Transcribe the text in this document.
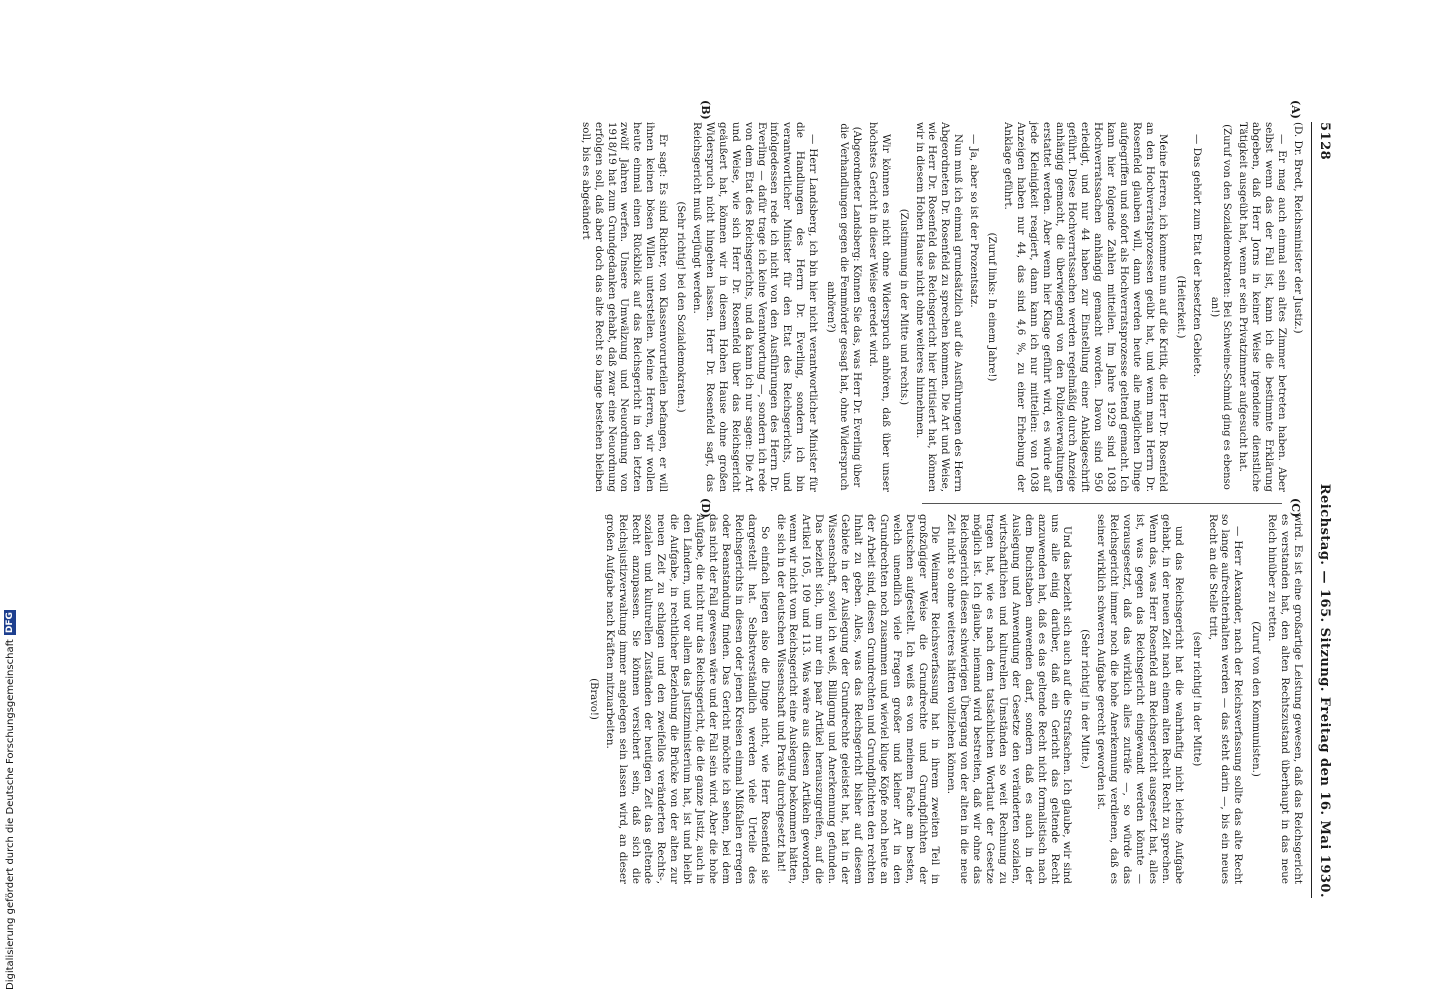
Digitalisierung gefördert durch die Deutsche Forschungsgemeinschaft
DFG
5128
Reichstag. — 165. Sitzung. Freitag den 16. Mai 1930.
(A)
(B)
(C)
(D)

(D. Dr. Bredt, Reichsminister der Justiz.)

— Er mag auch einmal sein altes Zimmer betreten haben. Aber selbst wenn das der Fall ist, kann ich die bestimmte Erklärung abgeben, daß Herr Jorns in keiner Weise irgendeine dienstliche Tätigkeit ausgeübt hat, wenn er sein Privatzimmer aufgesucht hat.

(Zuruf von den Sozialdemokraten: Bei Schweine-Schmid ging es ebenso an!)

— Das gehört zum Etat der besetzten Gebiete.

(Heiterkeit.)

Meine Herren, ich komme nun auf die Kritik, die Herr Dr. Rosenfeld an den Hochverratsprozessen geübt hat, und wenn man Herrn Dr. Rosenfeld glauben will, dann werden heute alle möglichen Dinge aufgegriffen und sofort als Hochverratsprozesse geltend gemacht. Ich kann hier folgende Zahlen mitteilen. Im Jahre 1929 sind 1038 Hochverratssachen anhängig gemacht worden. Davon sind 950 erledigt, und nur 44 haben zur Einstellung einer Anklageschrift geführt. Diese Hochverratssachen werden regelmäßig durch Anzeige anhängig gemacht, die überwiegend von den Polizeiverwaltungen erstattet werden. Aber wenn hier Klage geführt wird, es würde auf jede Kleinigkeit reagiert, dann kann ich nur mitteilen: von 1038 Anzeigen haben nur 44, das sind 4,6 %, zu einer Erhebung der Anklage geführt.

(Zuruf links: In einem Jahre!)

— Ja, aber so ist der Prozentsatz.

Nun muß ich einmal grundsätzlich auf die Ausführungen des Herrn Abgeordneten Dr. Rosenfeld zu sprechen kommen. Die Art und Weise, wie Herr Dr. Rosenfeld das Reichsgericht hier kritisiert hat, können wir in diesem Hohen Hause nicht ohne weiteres hinnehmen.

(Zustimmung in der Mitte und rechts.)

Wir können es nicht ohne Widerspruch anhören, daß über unser höchstes Gericht in dieser Weise geredet wird.

(Abgeordneter Landsberg: Können Sie das, was Herr Dr. Everling über die Verhandlungen gegen die Femmörder gesagt hat, ohne Widerspruch anhören?)

— Herr Landsberg, ich bin hier nicht verantwortlicher Minister für die Handlungen des Herrn Dr. Everling, sondern ich bin verantwortlicher Minister für den Etat des Reichsgerichts, und infolgedessen rede ich nicht von den Ausführungen des Herrn Dr. Everling — dafür trage ich keine Verantwortung —, sondern ich rede von dem Etat des Reichsgerichts, und da kann ich nur sagen: Die Art und Weise, wie sich Herr Dr. Rosenfeld über das Reichsgericht geäußert hat, können wir in diesem Hohen Hause ohne großen Widerspruch nicht hingehen lassen. Herr Dr. Rosenfeld sagt, das Reichsgericht muß verjüngt werden.

(Sehr richtig! bei den Sozialdemokraten.)

Er sagt: Es sind Richter, von Klassenvorurteilen befangen, er will ihnen keinen bösen Willen unterstellen. Meine Herren, wir wollen heute einmal einen Rückblick auf das Reichsgericht in den letzten zwölf Jahren werfen. Unsere Umwälzung und Neuordnung von 1918/19 hat zum Grundgedanken gehabt, daß zwar eine Neuordnung erfolgen soll, daß aber doch das alte Recht so lange bestehen bleiben soll, bis es abgeändert

wird. Es ist eine großartige Leistung gewesen, daß das Reichsgericht es verstanden hat, den alten Rechtszustand überhaupt in das neue Reich hinüber zu retten.

(Zuruf von den Kommunisten.)

— Herr Alexander, nach der Reichsverfassung sollte das alte Recht so lange aufrechterhalten werden — das steht darin —, bis ein neues Recht an die Stelle tritt,

(sehr richtig! in der Mitte)

und das Reichsgericht hat die wahrhaftig nicht leichte Aufgabe gehabt, in der neuen Zeit nach einem alten Recht Recht zu sprechen. Wenn das, was Herr Rosenfeld am Reichsgericht ausgesetzt hat, alles ist, was gegen das Reichsgericht eingewandt werden könnte — vorausgesetzt, daß das wirklich alles zuträfe —, so würde das Reichsgericht immer noch die hohe Anerkennung verdienen, daß es seiner wirklich schweren Aufgabe gerecht geworden ist.

(Sehr richtig! in der Mitte.)

Und das bezieht sich auch auf die Strafsachen. Ich glaube, wir sind uns alle einig darüber, daß ein Gericht das geltende Recht anzuwenden hat, daß es das geltende Recht nicht formalistisch nach dem Buchstaben anwenden darf, sondern daß es auch in der Auslegung und Anwendung der Gesetze den veränderten sozialen, wirtschaftlichen und kulturellen Umständen so weit Rechnung zu tragen hat, wie es nach dem tatsächlichen Wortlaut der Gesetze möglich ist. Ich glaube, niemand wird bestreiten, daß wir ohne das Reichsgericht diesen schwierigen Übergang von der alten in die neue Zeit nicht so ohne weiteres hätten vollziehen können.

Die Weimarer Reichsverfassung hat in ihrem zweiten Teil in großzügiger Weise die Grundrechte und Grundpflichten der Deutschen aufgestellt. Ich weiß es von meinem Fache am besten, welch unendlich viele Fragen großer und kleiner Art in den Grundrechten noch zusammen und wieviel kluge Köpfe noch heute an der Arbeit sind, diesen Grundrechten und Grundpflichten den rechten Inhalt zu geben. Alles, was das Reichsgericht bisher auf diesem Gebiete in der Auslegung der Grundrechte geleistet hat, hat in der Wissenschaft, soviel ich weiß, Billigung und Anerkennung gefunden. Das bezieht sich, um nur ein paar Artikel herauszugreifen, auf die Artikel 105, 109 und 113. Was wäre aus diesen Artikeln geworden, wenn wir nicht vom Reichsgericht eine Auslegung bekommen hätten, die sich in der deutschen Wissenschaft und Praxis durchgesetzt hat!

So einfach liegen also die Dinge nicht, wie Herr Rosenfeld sie dargestellt hat. Selbstverständlich werden viele Urteile des Reichsgerichts in diesen oder jenen Kreisen einmal Mißfallen erregen oder Beanstandung finden. Das Gericht möchte ich sehen, bei dem das nicht der Fall gewesen wäre und der Fall sein wird. Aber die hohe Aufgabe, die nicht nur das Reichsgericht, die die ganze Justiz, auch in den Ländern, und vor allem das Justizministerium hat, ist und bleibt die Aufgabe, in rechtlicher Beziehung die Brücke von der alten zur neuen Zeit zu schlagen und den zweifellos veränderten Rechts-, sozialen und kulturellen Zuständen der heutigen Zeit das geltende Recht anzupassen. Sie können versichert sein, daß sich die Reichsjustizverwaltung immer angelegen sein lassen wird, an dieser großen Aufgabe nach Kräften mitzuarbeiten.

(Bravo!)
